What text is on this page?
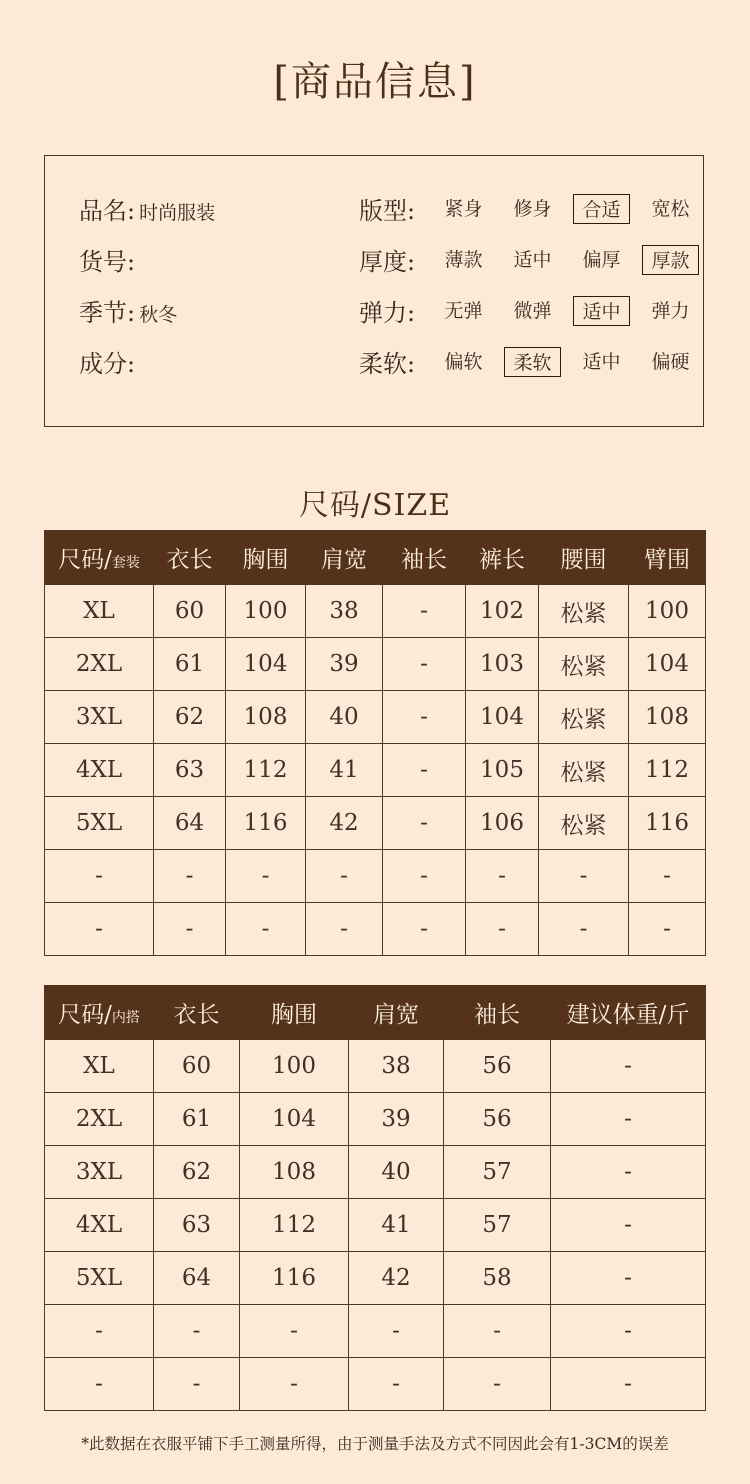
[商品信息]
品名: 时尚服装	版型:	紧身	修身	合适	宽松
货号:	厚度:	薄款	适中	偏厚	厚款
季节: 秋冬	弹力:	无弹	微弹	适中	弹力
成分:	柔软:	偏软	柔软	适中	偏硬
尺码/SIZE
尺码/套装	衣长	胸围	肩宽	袖长	裤长	腰围	臂围
XL	60	100	38	-	102	松紧	100
2XL	61	104	39	-	103	松紧	104
3XL	62	108	40	-	104	松紧	108
4XL	63	112	41	-	105	松紧	112
5XL	64	116	42	-	106	松紧	116
-	-	-	-	-	-	-	-
-	-	-	-	-	-	-	-
尺码/内搭	衣长	胸围	肩宽	袖长	建议体重/斤
XL	60	100	38	56	-
2XL	61	104	39	56	-
3XL	62	108	40	57	-
4XL	63	112	41	57	-
5XL	64	116	42	58	-
-	-	-	-	-	-
-	-	-	-	-	-
*此数据在衣服平铺下手工测量所得，由于测量手法及方式不同因此会有1-3CM的误差
